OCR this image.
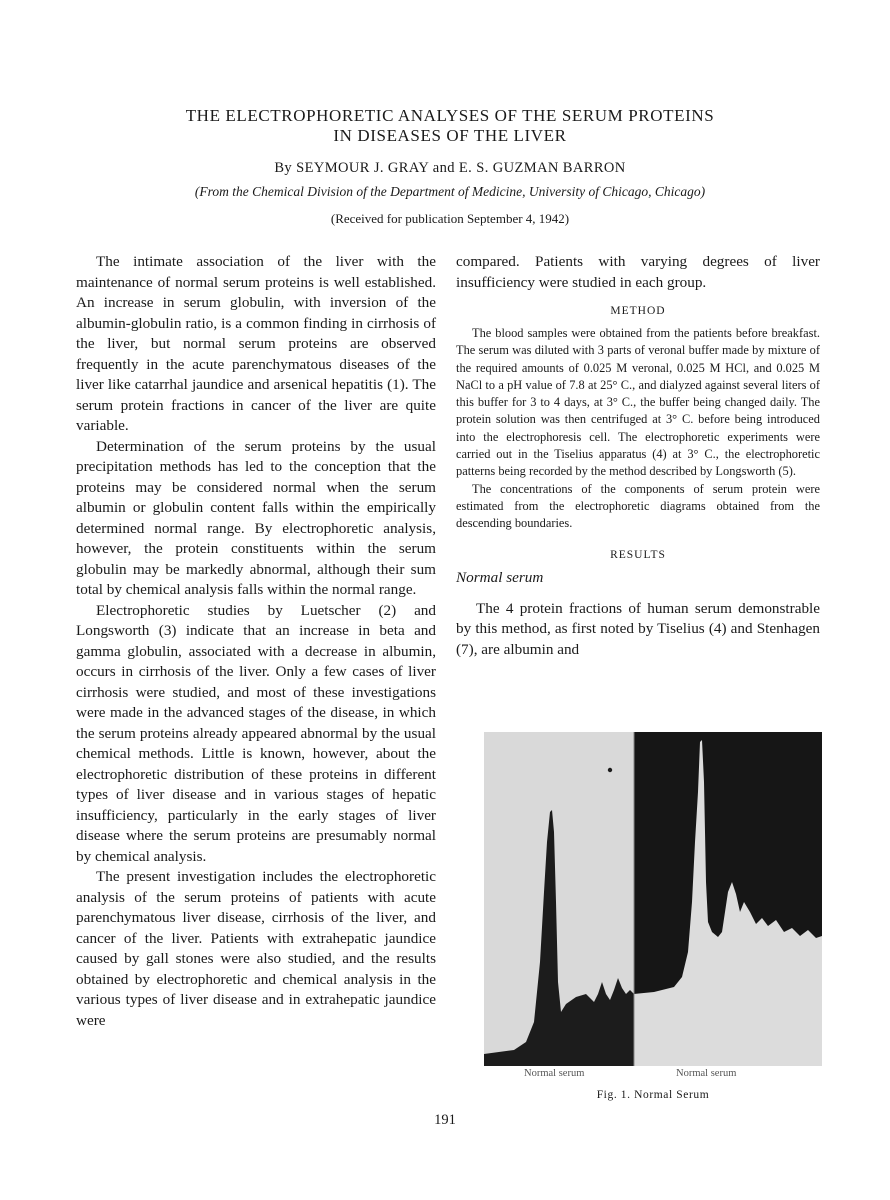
THE ELECTROPHORETIC ANALYSES OF THE SERUM PROTEINS
IN DISEASES OF THE LIVER
By SEYMOUR J. GRAY and E. S. GUZMAN BARRON
(From the Chemical Division of the Department of Medicine, University of Chicago, Chicago)
(Received for publication September 4, 1942)

The intimate association of the liver with the maintenance of normal serum proteins is well established. An increase in serum globulin, with inversion of the albumin-globulin ratio, is a common finding in cirrhosis of the liver, but normal serum proteins are observed frequently in the acute parenchymatous diseases of the liver like catarrhal jaundice and arsenical hepatitis (1). The serum protein fractions in cancer of the liver are quite variable.

Determination of the serum proteins by the usual precipitation methods has led to the conception that the proteins may be considered normal when the serum albumin or globulin content falls within the empirically determined normal range. By electrophoretic analysis, however, the protein constituents within the serum globulin may be markedly abnormal, although their sum total by chemical analysis falls within the normal range.

Electrophoretic studies by Luetscher (2) and Longsworth (3) indicate that an increase in beta and gamma globulin, associated with a decrease in albumin, occurs in cirrhosis of the liver. Only a few cases of liver cirrhosis were studied, and most of these investigations were made in the advanced stages of the disease, in which the serum proteins already appeared abnormal by the usual chemical methods. Little is known, however, about the electrophoretic distribution of these proteins in different types of liver disease and in various stages of hepatic insufficiency, particularly in the early stages of liver disease where the serum proteins are presumably normal by chemical analysis.

The present investigation includes the electrophoretic analysis of the serum proteins of patients with acute parenchymatous liver disease, cirrhosis of the liver, and cancer of the liver. Patients with extrahepatic jaundice caused by gall stones were also studied, and the results obtained by electrophoretic and chemical analysis in the various types of liver disease and in extrahepatic jaundice were

compared. Patients with varying degrees of liver insufficiency were studied in each group.

METHOD

The blood samples were obtained from the patients before breakfast. The serum was diluted with 3 parts of veronal buffer made by mixture of the required amounts of 0.025 M veronal, 0.025 M HCl, and 0.025 M NaCl to a pH value of 7.8 at 25° C., and dialyzed against several liters of this buffer for 3 to 4 days, at 3° C., the buffer being changed daily. The protein solution was then centrifuged at 3° C. before being introduced into the electrophoresis cell. The electrophoretic experiments were carried out in the Tiselius apparatus (4) at 3° C., the electrophoretic patterns being recorded by the method described by Longsworth (5).

The concentrations of the components of serum protein were estimated from the electrophoretic diagrams obtained from the descending boundaries.

RESULTS
Normal serum

The 4 protein fractions of human serum demonstrable by this method, as first noted by Tiselius (4) and Stenhagen (7), are albumin and

Normal serum	Normal serum
Fig. 1. Normal Serum
191
